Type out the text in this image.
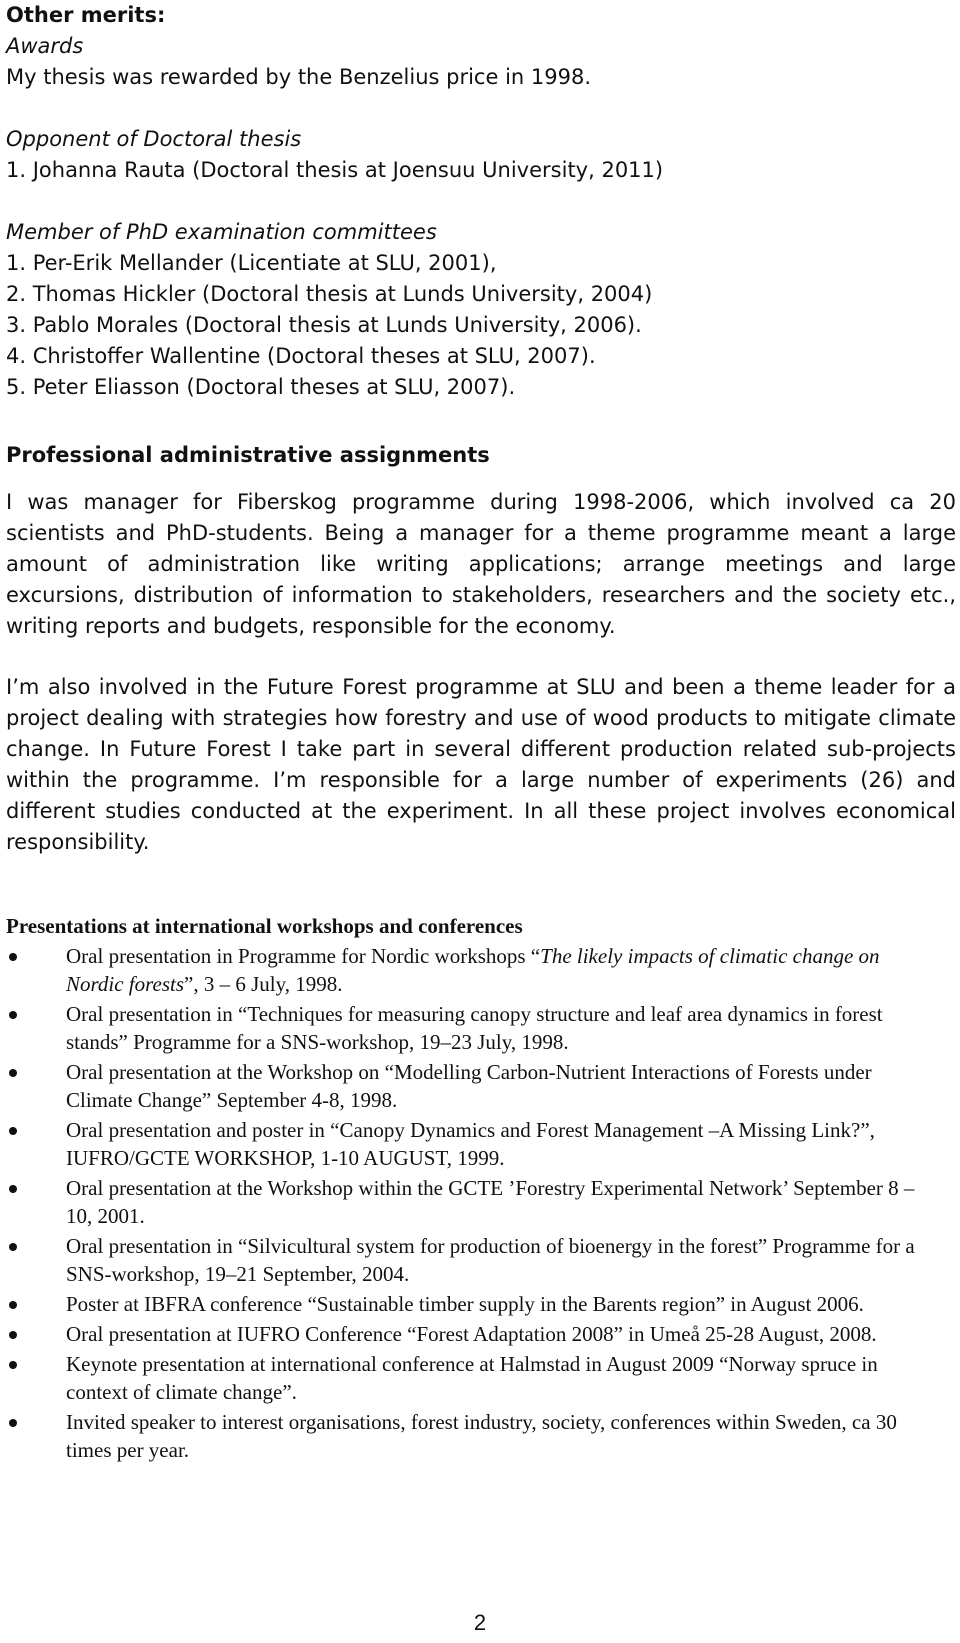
Other merits:

Awards

My thesis was rewarded by the Benzelius price in 1998.

Opponent of Doctoral thesis

1. Johanna Rauta (Doctoral thesis at Joensuu University, 2011)

Member of PhD examination committees

1. Per-Erik Mellander (Licentiate at SLU, 2001),

2. Thomas Hickler (Doctoral thesis at Lunds University, 2004)

3. Pablo Morales (Doctoral thesis at Lunds University, 2006).

4. Christoffer Wallentine (Doctoral theses at SLU, 2007).

5. Peter Eliasson (Doctoral theses at SLU, 2007).

Professional administrative assignments

I was manager for Fiberskog programme during 1998-2006, which involved ca 20 scientists and PhD-students. Being a manager for a theme programme meant a large amount of administration like writing applications; arrange meetings and large excursions, distribution of information to stakeholders, researchers and the society etc., writing reports and budgets, responsible for the economy.

I’m also involved in the Future Forest programme at SLU and been a theme leader for a project dealing with strategies how forestry and use of wood products to mitigate climate change. In Future Forest I take part in several different production related sub-projects within the programme. I’m responsible for a large number of experiments (26) and different studies conducted at the experiment. In all these project involves economical responsibility.

Presentations at international workshops and conferences

Oral presentation in Programme for Nordic workshops “The likely impacts of climatic change on Nordic forests”, 3 – 6 July, 1998.
Oral presentation in “Techniques for measuring canopy structure and leaf area dynamics in forest stands” Programme for a SNS-workshop, 19–23 July, 1998.
Oral presentation at the Workshop on “Modelling Carbon-Nutrient Interactions of Forests under Climate Change” September 4-8, 1998.
Oral presentation and poster in “Canopy Dynamics and Forest Management –A Missing Link?”, IUFRO/GCTE WORKSHOP, 1-10 AUGUST, 1999.
Oral presentation at the Workshop within the GCTE ’Forestry Experimental Network’ September 8 – 10, 2001.
Oral presentation in “Silvicultural system for production of bioenergy in the forest” Programme for a SNS-workshop, 19–21 September, 2004.
Poster at IBFRA conference “Sustainable timber supply in the Barents region” in August 2006.
Oral presentation at IUFRO Conference “Forest Adaptation 2008” in Umeå 25-28 August, 2008.
Keynote presentation at international conference at Halmstad in August 2009 “Norway spruce in context of climate change”.
Invited speaker to interest organisations, forest industry, society, conferences within Sweden, ca 30 times per year.
2
